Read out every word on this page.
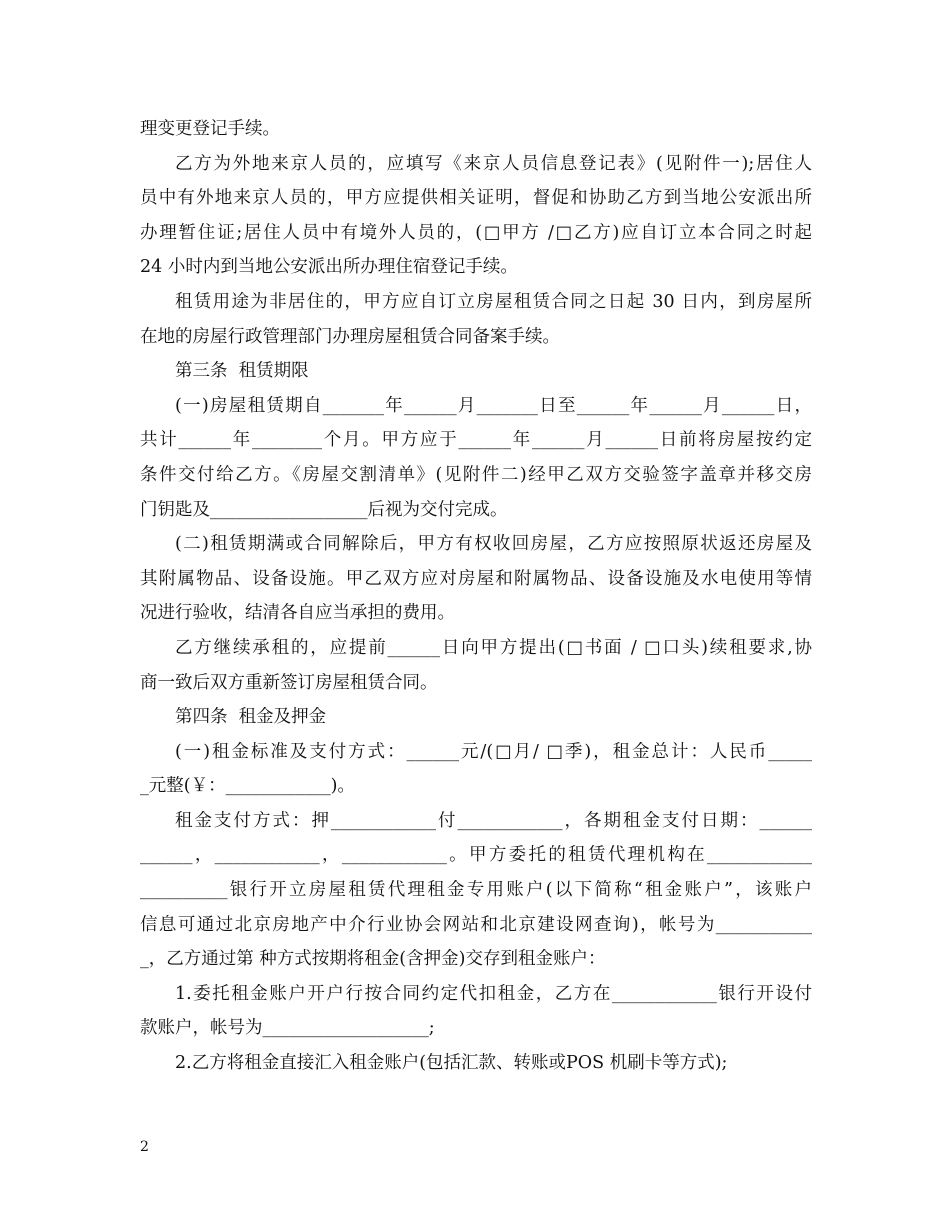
理变更登记手续。
乙方为外地来京人员的，应填写《来京人员信息登记表》(见附件一);居住人
员中有外地来京人员的，甲方应提供相关证明，督促和协助乙方到当地公安派出所
办理暂住证;居住人员中有境外人员的，(□甲方 /□乙方)应自订立本合同之时起
24 小时内到当地公安派出所办理住宿登记手续。
租赁用途为非居住的，甲方应自订立房屋租赁合同之日起 30 日内，到房屋所
在地的房屋行政管理部门办理房屋租赁合同备案手续。
第三条  租赁期限
(一)房屋租赁期自_______年______月_______日至______年______月______日，
共计______年________个月。甲方应于______年______月______日前将房屋按约定
条件交付给乙方。《房屋交割清单》(见附件二)经甲乙双方交验签字盖章并移交房
门钥匙及__________________后视为交付完成。
(二)租赁期满或合同解除后，甲方有权收回房屋，乙方应按照原状返还房屋及
其附属物品、设备设施。甲乙双方应对房屋和附属物品、设备设施及水电使用等情
况进行验收，结清各自应当承担的费用。
乙方继续承租的，应提前______日向甲方提出(□书面 / □口头)续租要求,协
商一致后双方重新签订房屋租赁合同。
第四条  租金及押金
(一)租金标准及支付方式：______元/(□月/ □季)，租金总计：人民币_____
_元整(￥：____________)。
租金支付方式：押____________付____________，各期租金支付日期：______
______，____________，____________。甲方委托的租赁代理机构在____________
__________银行开立房屋租赁代理租金专用账户(以下简称“租金账户”，该账户
信息可通过北京房地产中介行业协会网站和北京建设网查询)，帐号为___________
_，乙方通过第 种方式按期将租金(含押金)交存到租金账户：
1.委托租金账户开户行按合同约定代扣租金，乙方在____________银行开设付
款账户，帐号为___________________;
2.乙方将租金直接汇入租金账户(包括汇款、转账或POS 机刷卡等方式);
2
